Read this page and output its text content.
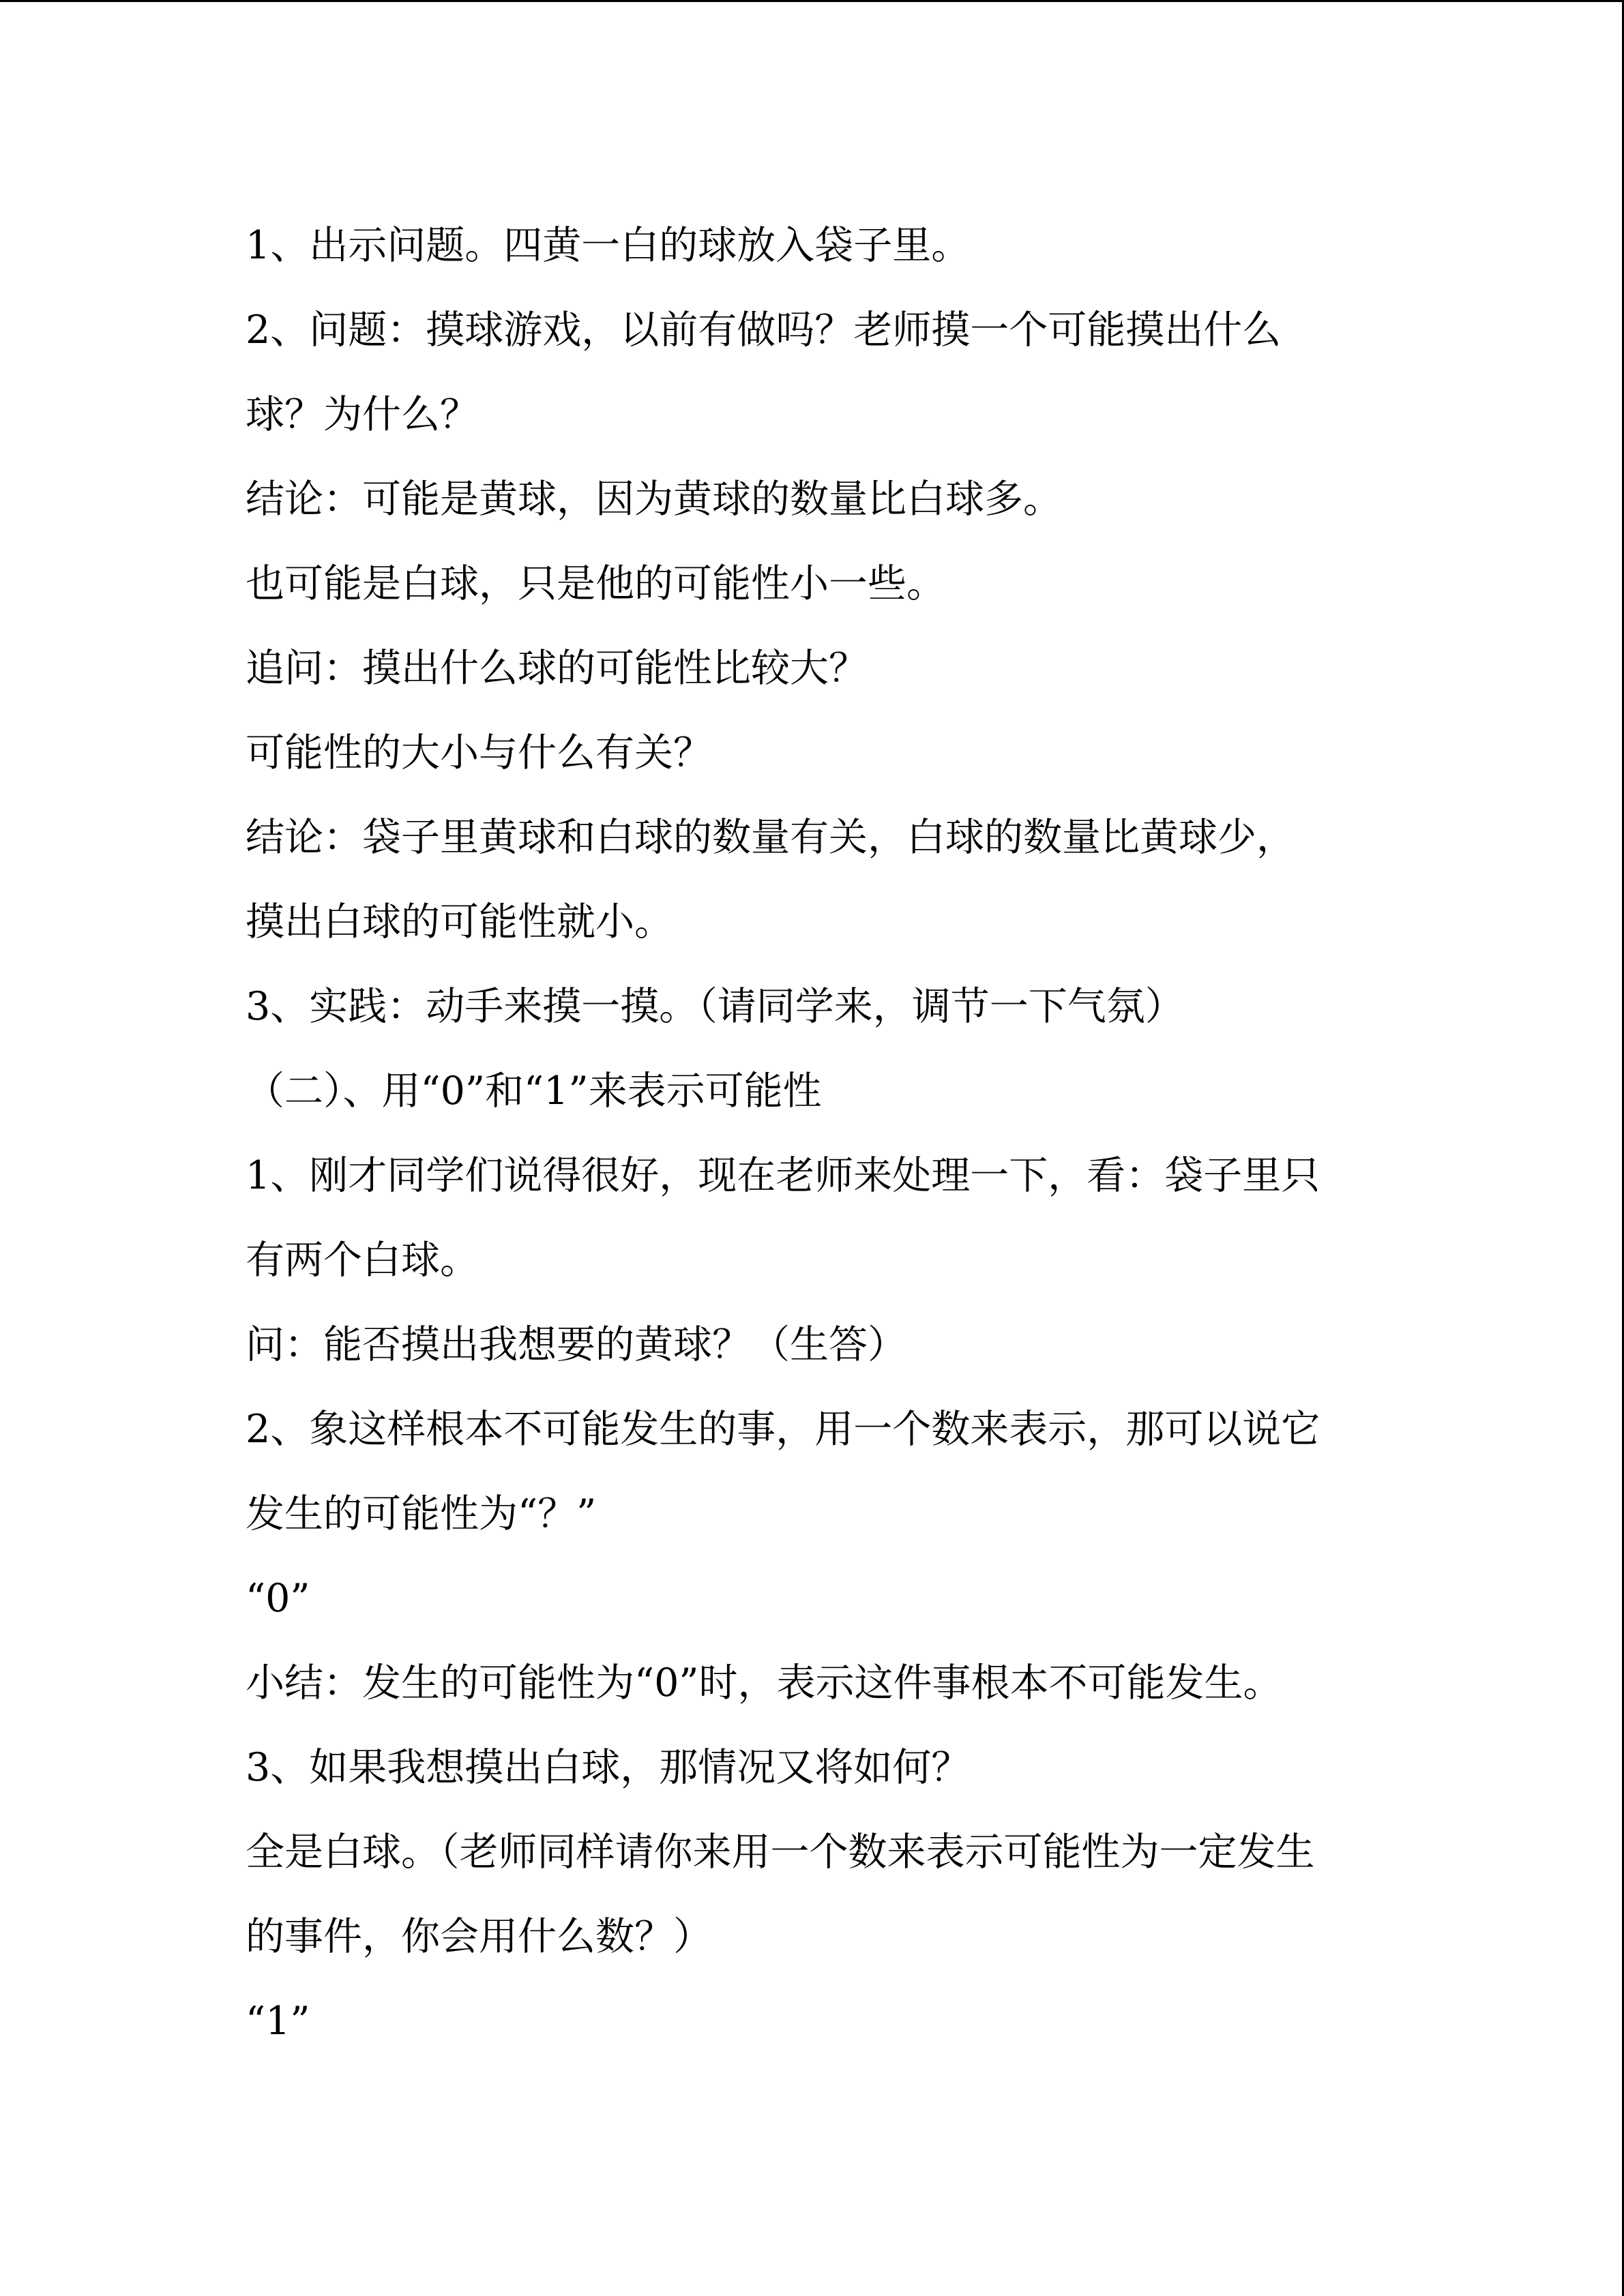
1、出示问题。四黄一白的球放入袋子里。
2、问题：摸球游戏，以前有做吗？老师摸一个可能摸出什么
球？为什么？
结论：可能是黄球，因为黄球的数量比白球多。
也可能是白球，只是他的可能性小一些。
追问：摸出什么球的可能性比较大？
可能性的大小与什么有关？
结论：袋子里黄球和白球的数量有关，白球的数量比黄球少，
摸出白球的可能性就小。
3、实践：动手来摸一摸。（请同学来，调节一下气氛）
（二）、用“0”和“1”来表示可能性
1、刚才同学们说得很好，现在老师来处理一下，看：袋子里只
有两个白球。
问：能否摸出我想要的黄球？（生答）
2、象这样根本不可能发生的事，用一个数来表示，那可以说它
发生的可能性为“？”
“0”
小结：发生的可能性为“0”时，表示这件事根本不可能发生。
3、如果我想摸出白球，那情况又将如何？
全是白球。（老师同样请你来用一个数来表示可能性为一定发生
的事件，你会用什么数？）
“1”
